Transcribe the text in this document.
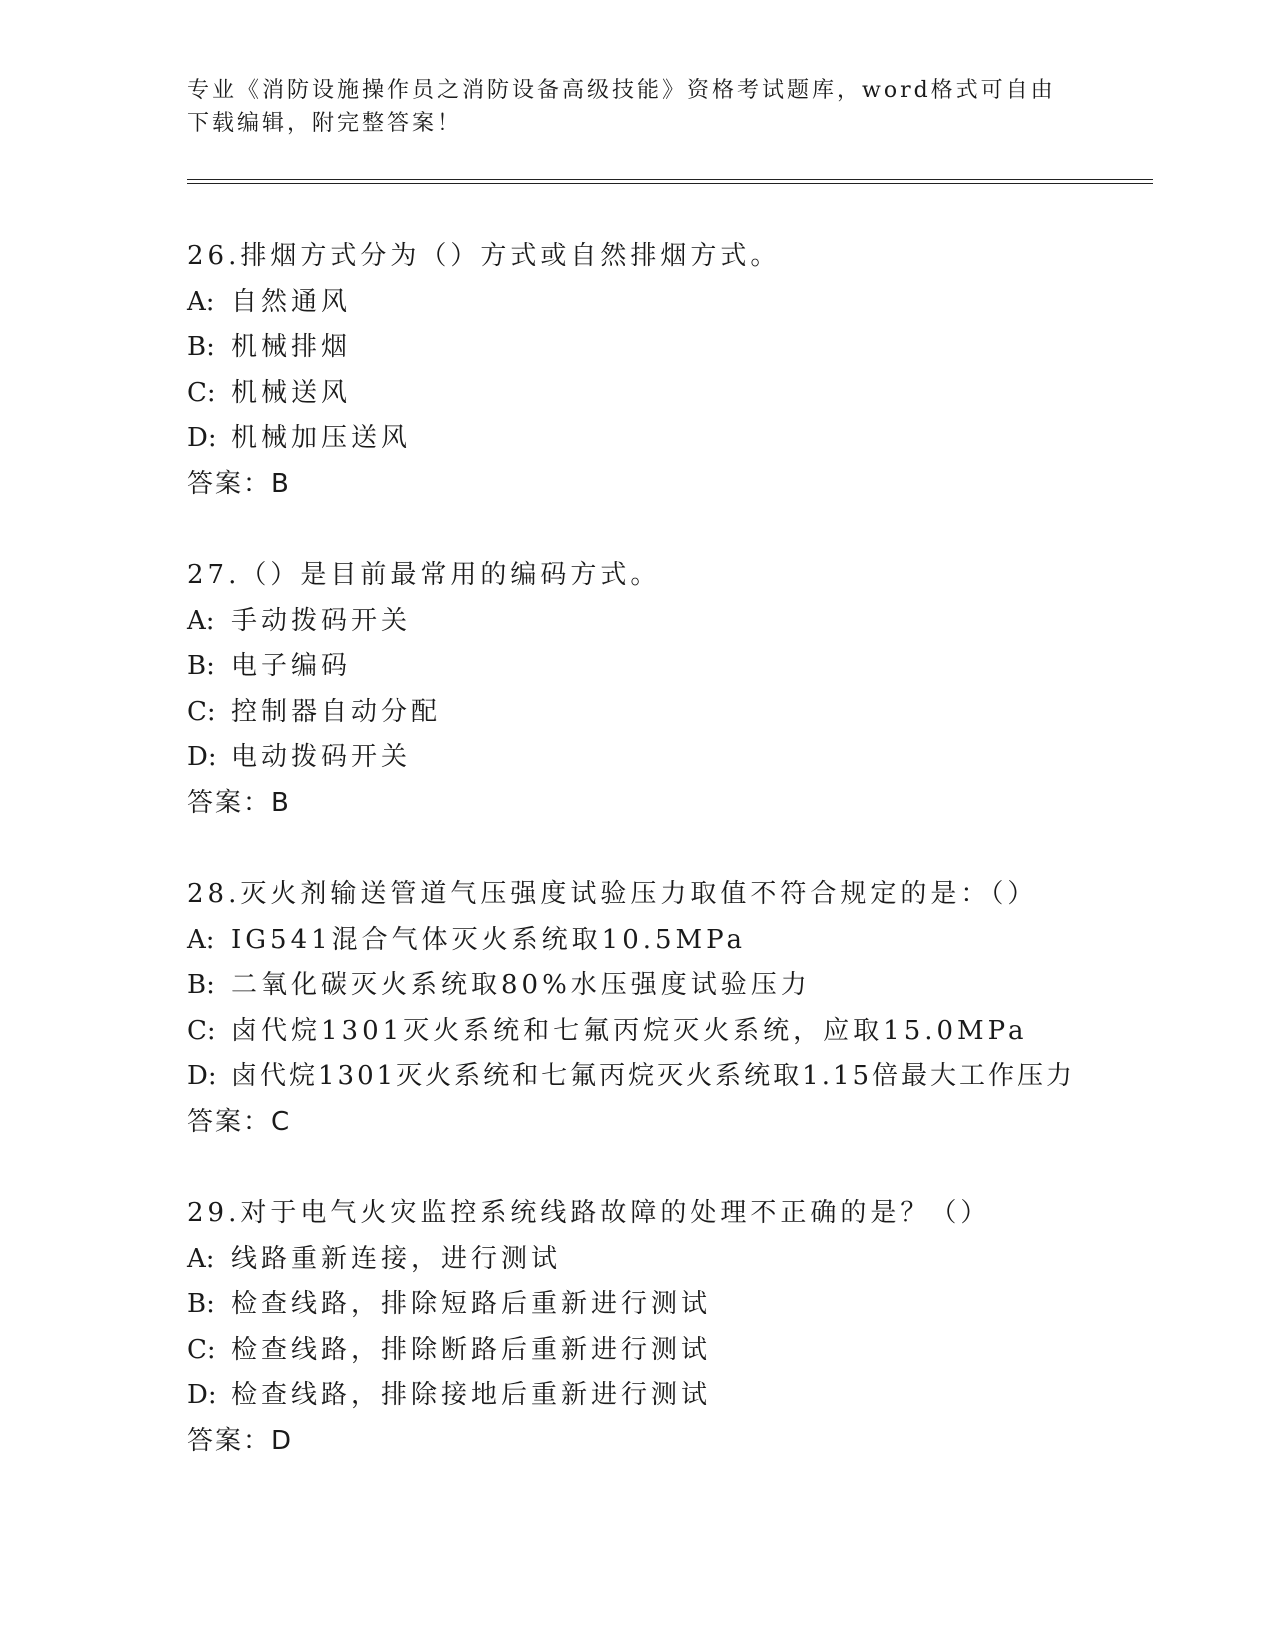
专业《消防设施操作员之消防设备高级技能》资格考试题库，word格式可自由下载编辑，附完整答案！
26.排烟方式分为（）方式或自然排烟方式。
A: 自然通风
B: 机械排烟
C: 机械送风
D: 机械加压送风
答案：B
27.（）是目前最常用的编码方式。
A: 手动拨码开关
B: 电子编码
C: 控制器自动分配
D: 电动拨码开关
答案：B
28.灭火剂输送管道气压强度试验压力取值不符合规定的是：（）
A: IG541混合气体灭火系统取10.5MPa
B: 二氧化碳灭火系统取80%水压强度试验压力
C: 卤代烷1301灭火系统和七氟丙烷灭火系统，应取15.0MPa
D: 卤代烷1301灭火系统和七氟丙烷灭火系统取1.15倍最大工作压力
答案：C
29.对于电气火灾监控系统线路故障的处理不正确的是？（）
A: 线路重新连接，进行测试
B: 检查线路，排除短路后重新进行测试
C: 检查线路，排除断路后重新进行测试
D: 检查线路，排除接地后重新进行测试
答案：D
